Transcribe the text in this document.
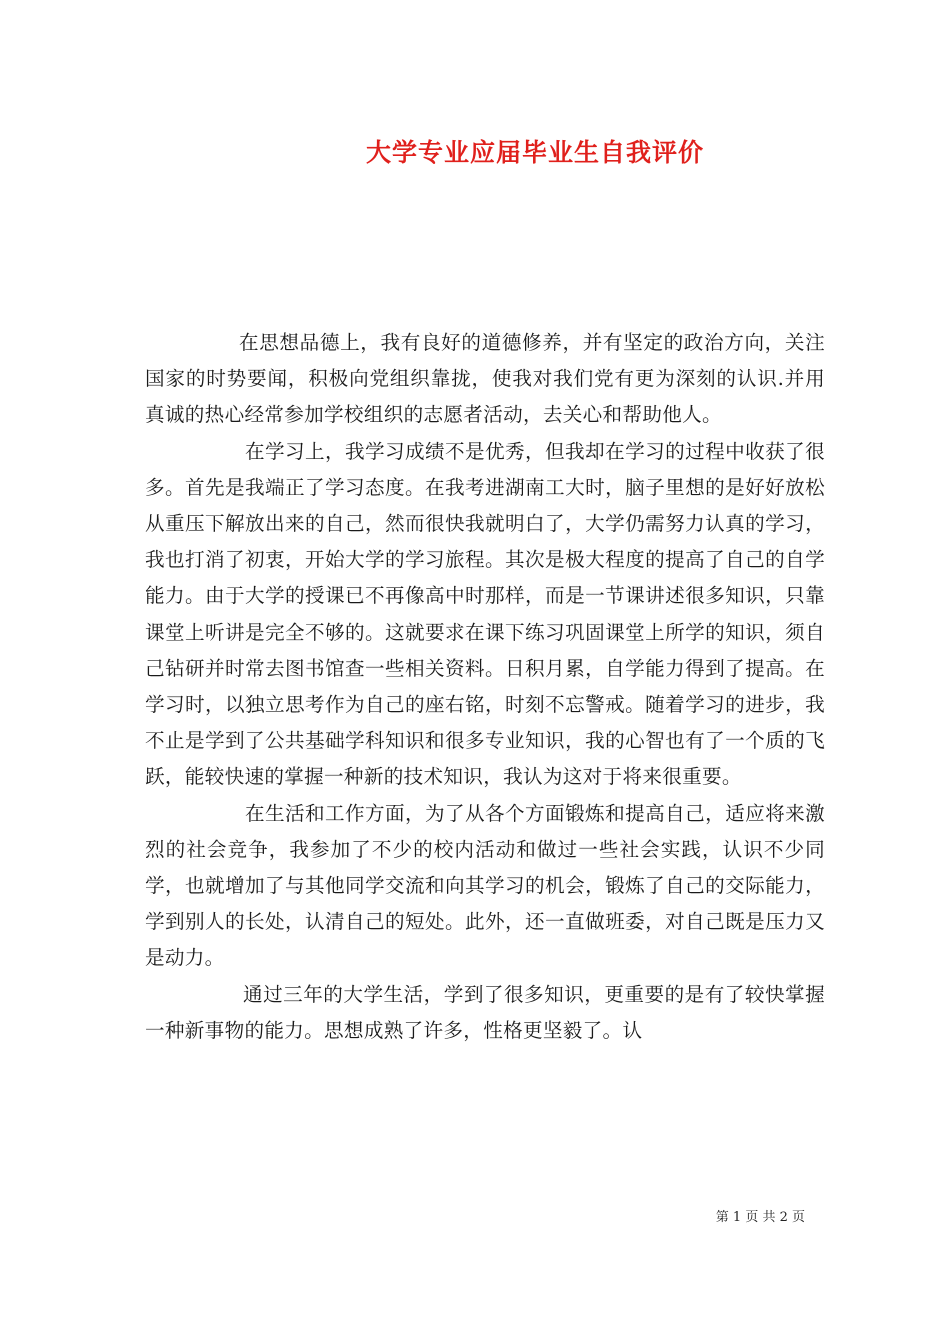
大学专业应届毕业生自我评价

在思想品德上，我有良好的道德修养，并有坚定的政治方向，关注国家的时势要闻，积极向党组织靠拢，使我对我们党有更为深刻的认识.并用真诚的热心经常参加学校组织的志愿者活动，去关心和帮助他人。

在学习上，我学习成绩不是优秀，但我却在学习的过程中收获了很多。首先是我端正了学习态度。在我考进湖南工大时，脑子里想的是好好放松从重压下解放出来的自己，然而很快我就明白了，大学仍需努力认真的学习，我也打消了初衷，开始大学的学习旅程。其次是极大程度的提高了自己的自学能力。由于大学的授课已不再像高中时那样，而是一节课讲述很多知识，只靠课堂上听讲是完全不够的。这就要求在课下练习巩固课堂上所学的知识，须自己钻研并时常去图书馆查一些相关资料。日积月累，自学能力得到了提高。在学习时，以独立思考作为自己的座右铭，时刻不忘警戒。随着学习的进步，我不止是学到了公共基础学科知识和很多专业知识，我的心智也有了一个质的飞跃，能较快速的掌握一种新的技术知识，我认为这对于将来很重要。

在生活和工作方面，为了从各个方面锻炼和提高自己，适应将来激烈的社会竞争，我参加了不少的校内活动和做过一些社会实践，认识不少同学，也就增加了与其他同学交流和向其学习的机会，锻炼了自己的交际能力，学到别人的长处，认清自己的短处。此外，还一直做班委，对自己既是压力又是动力。

通过三年的大学生活，学到了很多知识，更重要的是有了较快掌握一种新事物的能力。思想成熟了许多，性格更坚毅了。认

第 1 页 共 2 页
